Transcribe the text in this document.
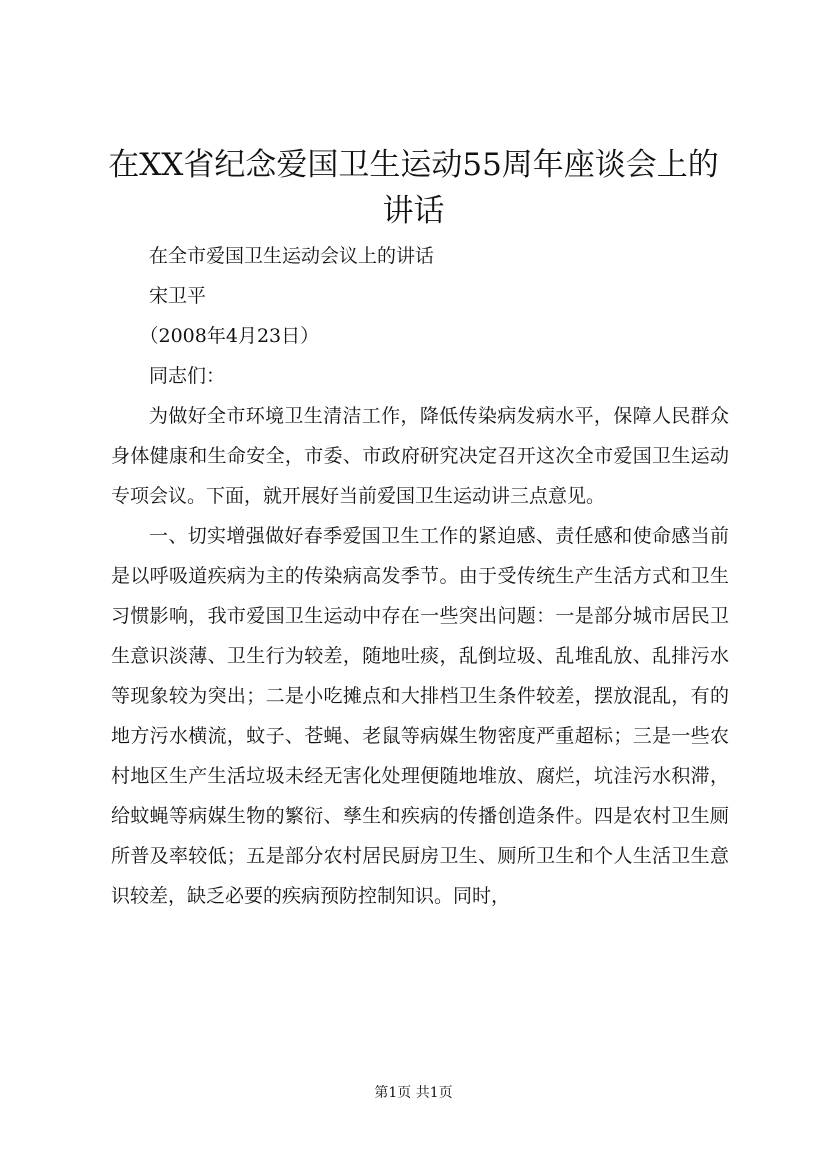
在XX省纪念爱国卫生运动55周年座谈会上的讲话

在全市爱国卫生运动会议上的讲话

宋卫平

（2008年4月23日）

同志们：

为做好全市环境卫生清洁工作，降低传染病发病水平，保障人民群众身体健康和生命安全，市委、市政府研究决定召开这次全市爱国卫生运动专项会议。下面，就开展好当前爱国卫生运动讲三点意见。

一、切实增强做好春季爱国卫生工作的紧迫感、责任感和使命感当前是以呼吸道疾病为主的传染病高发季节。由于受传统生产生活方式和卫生习惯影响，我市爱国卫生运动中存在一些突出问题：一是部分城市居民卫生意识淡薄、卫生行为较差，随地吐痰，乱倒垃圾、乱堆乱放、乱排污水等现象较为突出；二是小吃摊点和大排档卫生条件较差，摆放混乱，有的地方污水横流，蚊子、苍蝇、老鼠等病媒生物密度严重超标；三是一些农村地区生产生活垃圾未经无害化处理便随地堆放、腐烂，坑洼污水积滞，给蚊蝇等病媒生物的繁衍、孳生和疾病的传播创造条件。四是农村卫生厕所普及率较低；五是部分农村居民厨房卫生、厕所卫生和个人生活卫生意识较差，缺乏必要的疾病预防控制知识。同时，

第1页 共1页
